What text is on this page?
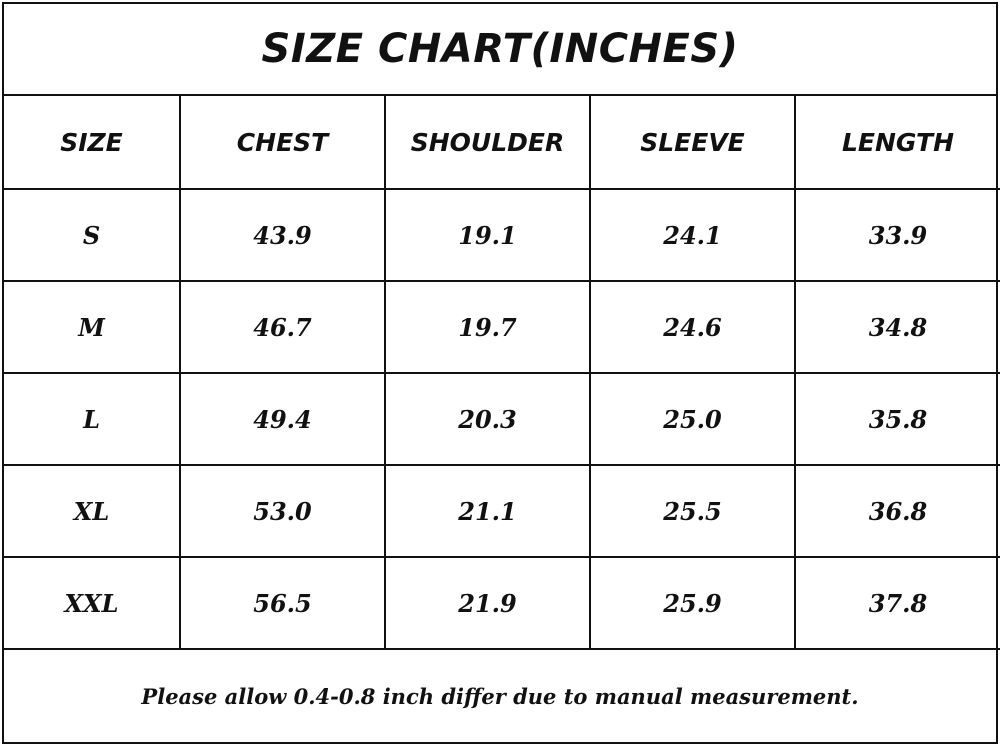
SIZE CHART(INCHES)
SIZE	CHEST	SHOULDER	SLEEVE	LENGTH
S	43.9	19.1	24.1	33.9
M	46.7	19.7	24.6	34.8
L	49.4	20.3	25.0	35.8
XL	53.0	21.1	25.5	36.8
XXL	56.5	21.9	25.9	37.8
Please allow 0.4-0.8 inch differ due to manual measurement.
